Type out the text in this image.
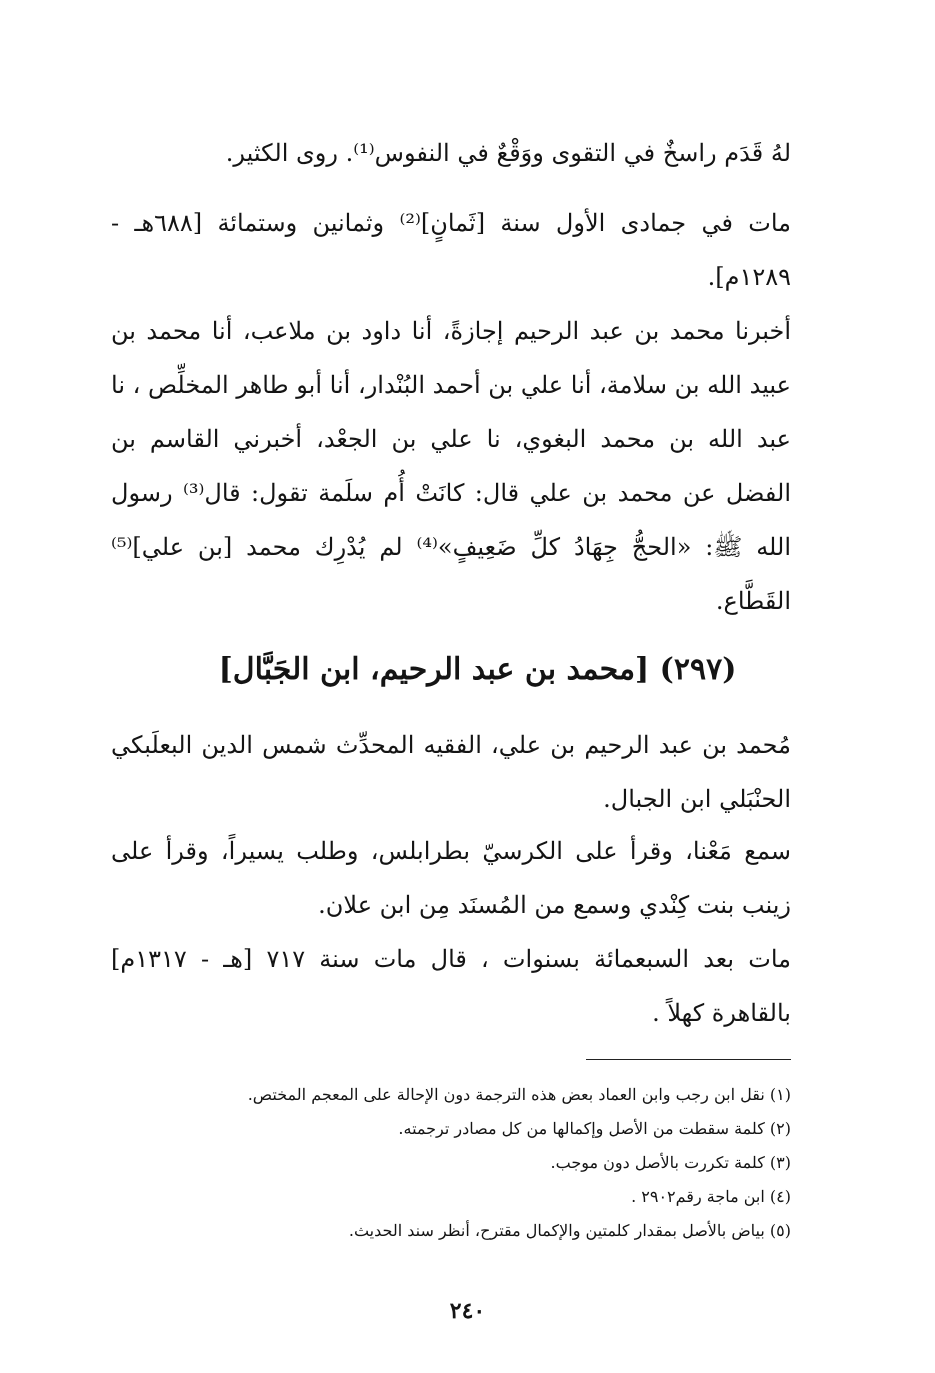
لهُ قَدَم راسخٌ في التقوى ووَقْعٌ في النفوس⁽¹⁾. روى الكثير.

مات في جمادى الأول سنة [ثَمانٍ]⁽²⁾ وثمانين وستمائة [٦٨٨هـ - ١٢٨٩م].

أخبرنا محمد بن عبد الرحيم إجازةً، أنا داود بن ملاعب، أنا محمد بن عبيد الله بن سلامة، أنا علي بن أحمد البُنْدار، أنا أبو طاهر المخلِّص ، نا عبد الله بن محمد البغوي، نا علي بن الجعْد، أخبرني القاسم بن الفضل عن محمد بن علي قال: كانَتْ أُم سلَمة تقول: قال⁽³⁾ رسول الله ﷺ: «الحجُّ جِهَادُ كلِّ ضَعِيفٍ»⁽⁴⁾ لم يُدْرِك محمد [بن علي]⁽⁵⁾ القَطَّاع.

(٢٩٧) [محمد بن عبد الرحيم، ابن الجَبَّال]

مُحمد بن عبد الرحيم بن علي، الفقيه المحدِّث شمس الدين البعلَبكي الحنْبَلي ابن الجبال.

سمع مَعْنا، وقرأ على الكرسيّ بطرابلس، وطلب يسيراً، وقرأ على زينب بنت كِنْدي وسمع من المُسنَد مِن ابن علان.

مات بعد السبعمائة بسنوات ، قال مات سنة ٧١٧ [هـ - ١٣١٧م] بالقاهرة كهلاً .

(١) نقل ابن رجب وابن العماد بعض هذه الترجمة دون الإحالة على المعجم المختص.
(٢) كلمة سقطت من الأصل وإكمالها من كل مصادر ترجمته.
(٣) كلمة تكررت بالأصل دون موجب.
(٤) ابن ماجة رقم٢٩٠٢ .
(٥) بياض بالأصل بمقدار كلمتين والإكمال مقترح، أنظر سند الحديث.
٢٤٠
